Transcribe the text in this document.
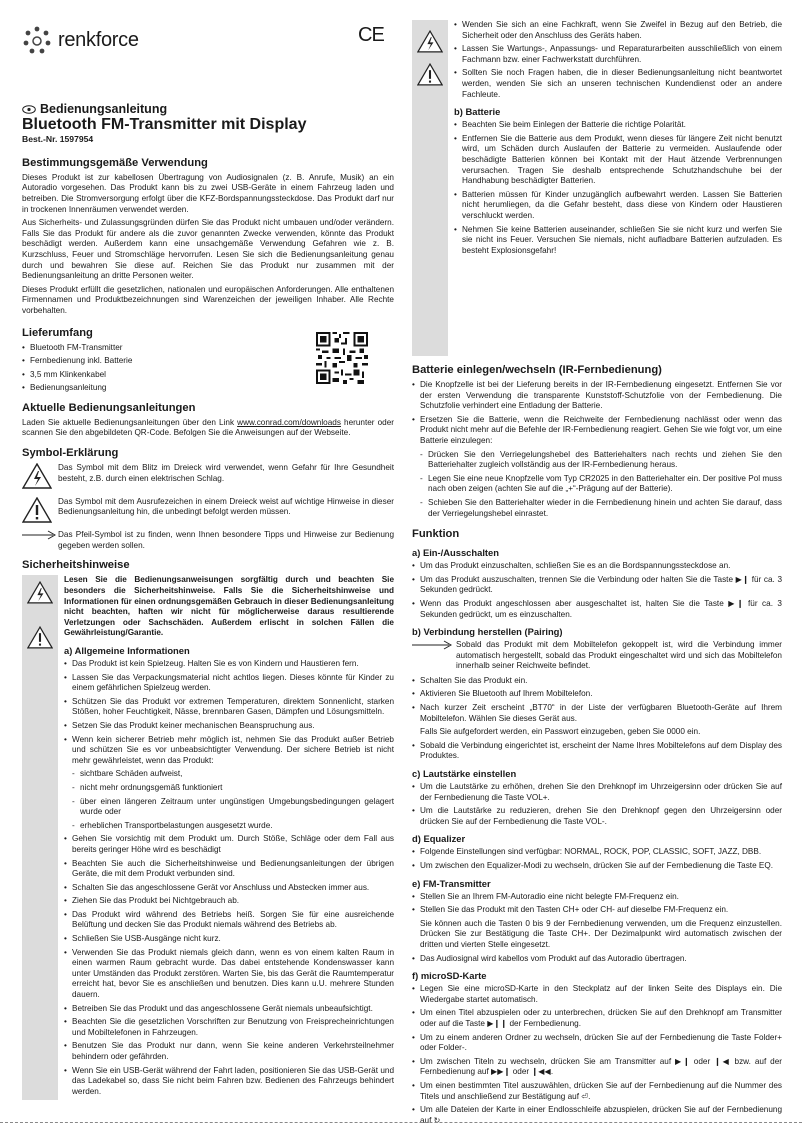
renkforce
Bedienungsanleitung
Bluetooth FM-Transmitter mit Display
Best.-Nr. 1597954
Bestimmungsgemäße Verwendung

Dieses Produkt ist zur kabellosen Übertragung von Audiosignalen (z. B. Anrufe, Musik) an ein Autoradio vorgesehen. Das Produkt kann bis zu zwei USB-Geräte in einem Fahrzeug laden und betreiben. Die Stromversorgung erfolgt über die KFZ-Bordspannungssteckdose. Das Produkt darf nur in trockenen Innenräumen verwendet werden.

Aus Sicherheits- und Zulassungsgründen dürfen Sie das Produkt nicht umbauen und/oder verändern. Falls Sie das Produkt für andere als die zuvor genannten Zwecke verwenden, könnte das Produkt beschädigt werden. Außerdem kann eine unsachgemäße Verwendung Gefahren wie z. B. Kurzschluss, Feuer und Stromschläge hervorrufen. Lesen Sie sich die Bedienungsanleitung genau durch und bewahren Sie diese auf. Reichen Sie das Produkt nur zusammen mit der Bedienungsanleitung an dritte Personen weiter.

Dieses Produkt erfüllt die gesetzlichen, nationalen und europäischen Anforderungen. Alle enthaltenen Firmennamen und Produktbezeichnungen sind Warenzeichen der jeweiligen Inhaber. Alle Rechte vorbehalten.

Lieferumfang
• Bluetooth FM-Transmitter
• Fernbedienung inkl. Batterie
• 3,5 mm Klinkenkabel
• Bedienungsanleitung
Aktuelle Bedienungsanleitungen

Laden Sie aktuelle Bedienungsanleitungen über den Link www.conrad.com/downloads herunter oder scannen Sie den abgebildeten QR-Code. Befolgen Sie die Anweisungen auf der Webseite.

Symbol-Erklärung
Das Symbol mit dem Blitz im Dreieck wird verwendet, wenn Gefahr für Ihre Gesundheit besteht, z.B. durch einen elektrischen Schlag.
Das Symbol mit dem Ausrufezeichen in einem Dreieck weist auf wichtige Hinweise in dieser Bedienungsanleitung hin, die unbedingt befolgt werden müssen.
Das Pfeil-Symbol ist zu finden, wenn Ihnen besondere Tipps und Hinweise zur Bedienung gegeben werden sollen.
Sicherheitshinweise

Lesen Sie die Bedienungsanweisungen sorgfältig durch und beachten Sie besonders die Sicherheitshinweise. Falls Sie die Sicherheitshinweise und Informationen für einen ordnungsgemäßen Gebrauch in dieser Bedienungsanleitung nicht beachten, haften wir nicht für möglicherweise daraus resultierende Verletzungen oder Sachschäden. Außerdem erlischt in solchen Fällen die Gewährleistung/Garantie.

a) Allgemeine Informationen
• Das Produkt ist kein Spielzeug. Halten Sie es von Kindern und Haustieren fern.
• Lassen Sie das Verpackungsmaterial nicht achtlos liegen. Dieses könnte für Kinder zu einem gefährlichen Spielzeug werden.
• Schützen Sie das Produkt vor extremen Temperaturen, direktem Sonnenlicht, starken Stößen, hoher Feuchtigkeit, Nässe, brennbaren Gasen, Dämpfen und Lösungsmitteln.
• Setzen Sie das Produkt keiner mechanischen Beanspruchung aus.
• Wenn kein sicherer Betrieb mehr möglich ist, nehmen Sie das Produkt außer Betrieb und schützen Sie es vor unbeabsichtigter Verwendung. Der sichere Betrieb ist nicht mehr gewährleistet, wenn das Produkt:
- sichtbare Schäden aufweist,
- nicht mehr ordnungsgemäß funktioniert
- über einen längeren Zeitraum unter ungünstigen Umgebungsbedingungen gelagert wurde oder
- erheblichen Transportbelastungen ausgesetzt wurde.
• Gehen Sie vorsichtig mit dem Produkt um. Durch Stöße, Schläge oder dem Fall aus bereits geringer Höhe wird es beschädigt
• Beachten Sie auch die Sicherheitshinweise und Bedienungsanleitungen der übrigen Geräte, die mit dem Produkt verbunden sind.
• Schalten Sie das angeschlossene Gerät vor Anschluss und Abstecken immer aus.
• Ziehen Sie das Produkt bei Nichtgebrauch ab.
• Das Produkt wird während des Betriebs heiß. Sorgen Sie für eine ausreichende Belüftung und decken Sie das Produkt niemals während des Betriebs ab.
• Schließen Sie USB-Ausgänge nicht kurz.
• Verwenden Sie das Produkt niemals gleich dann, wenn es von einem kalten Raum in einen warmen Raum gebracht wurde. Das dabei entstehende Kondenswasser kann unter Umständen das Produkt zerstören. Warten Sie, bis das Gerät die Raumtemperatur erreicht hat, bevor Sie es anschließen und benutzen. Dies kann u.U. mehrere Stunden dauern.
• Betreiben Sie das Produkt und das angeschlossene Gerät niemals unbeaufsichtigt.
• Beachten Sie die gesetzlichen Vorschriften zur Benutzung von Freisprecheinrichtungen und Mobiltelefonen in Fahrzeugen.
• Benutzen Sie das Produkt nur dann, wenn Sie keine anderen Verkehrsteilnehmer behindern oder gefährden.
• Wenn Sie ein USB-Gerät während der Fahrt laden, positionieren Sie das USB-Gerät und das Ladekabel so, dass Sie nicht beim Fahren bzw. Bedienen des Fahrzeugs behindert werden.
CE
•	Wenden Sie sich an eine Fachkraft, wenn Sie Zweifel in Bezug auf den Betrieb, die Sicherheit oder den Anschluss des Geräts haben.
• Lassen Sie Wartungs-, Anpassungs- und Reparaturarbeiten ausschließlich von einem Fachmann bzw. einer Fachwerkstatt durchführen.
• Sollten Sie noch Fragen haben, die in dieser Bedienungsanleitung nicht beantwortet werden, wenden Sie sich an unseren technischen Kundendienst oder an andere Fachleute.
b) Batterie
• Beachten Sie beim Einlegen der Batterie die richtige Polarität.
• Entfernen Sie die Batterie aus dem Produkt, wenn dieses für längere Zeit nicht benutzt wird, um Schäden durch Auslaufen der Batterie zu vermeiden. Auslaufende oder beschädigte Batterien können bei Kontakt mit der Haut ätzende Verbrennungen verursachen. Tragen Sie deshalb entsprechende Schutzhandschuhe bei der Handhabung beschädigter Batterien.
• Batterien müssen für Kinder unzugänglich aufbewahrt werden. Lassen Sie Batterien nicht herumliegen, da die Gefahr besteht, dass diese von Kindern oder Haustieren verschluckt werden.
• Nehmen Sie keine Batterien auseinander, schließen Sie sie nicht kurz und werfen Sie sie nicht ins Feuer. Versuchen Sie niemals, nicht aufladbare Batterien aufzuladen. Es besteht Explosionsgefahr!
Batterie einlegen/wechseln (IR-Fernbedienung)
• Die Knopfzelle ist bei der Lieferung bereits in der IR-Fernbedienung eingesetzt. Entfernen Sie vor der ersten Verwendung die transparente Kunststoff-Schutzfolie von der Fernbedienung. Die Schutzfolie verhindert eine Entladung der Batterie.
• Ersetzen Sie die Batterie, wenn die Reichweite der Fernbedienung nachlässt oder wenn das Produkt nicht mehr auf die Befehle der IR-Fernbedienung reagiert. Gehen Sie wie folgt vor, um eine Batterie einzulegen:
- Drücken Sie den Verriegelungshebel des Batteriehalters nach rechts und ziehen Sie den Batteriehalter zugleich vollständig aus der IR-Fernbedienung heraus.
- Legen Sie eine neue Knopfzelle vom Typ CR2025 in den Batteriehalter ein. Der positive Pol muss nach oben zeigen (achten Sie auf die „+“-Prägung auf der Batterie).
- Schieben Sie den Batteriehalter wieder in die Fernbedienung hinein und achten Sie darauf, dass der Verriegelungshebel einrastet.
Funktion
a) Ein-/Ausschalten
• Um das Produkt einzuschalten, schließen Sie es an die Bordspannungssteckdose an.
• Um das Produkt auszuschalten, trennen Sie die Verbindung oder halten Sie die Taste ▶❙ für ca. 3 Sekunden gedrückt.
• Wenn das Produkt angeschlossen aber ausgeschaltet ist, halten Sie die Taste ▶❙ für ca. 3 Sekunden gedrückt, um es einzuschalten.
b) Verbindung herstellen (Pairing)
Sobald das Produkt mit dem Mobiltelefon gekoppelt ist, wird die Verbindung immer automatisch hergestellt, sobald das Produkt eingeschaltet wird und sich das Mobiltelefon innerhalb seiner Reichweite befindet.
• Schalten Sie das Produkt ein.
• Aktivieren Sie Bluetooth auf Ihrem Mobiltelefon.
• Nach kurzer Zeit erscheint „BT70“ in der Liste der verfügbaren Bluetooth-Geräte auf Ihrem Mobiltelefon. Wählen Sie dieses Gerät aus.

Falls Sie aufgefordert werden, ein Passwort einzugeben, geben Sie 0000 ein.

• Sobald die Verbindung eingerichtet ist, erscheint der Name Ihres Mobiltelefons auf dem Display des Produktes.
c) Lautstärke einstellen
• Um die Lautstärke zu erhöhen, drehen Sie den Drehknopf im Uhrzeigersinn oder drücken Sie auf der Fernbedienung die Taste VOL+.
• Um die Lautstärke zu reduzieren, drehen Sie den Drehknopf gegen den Uhrzeigersinn oder drücken Sie auf der Fernbedienung die Taste VOL-.
d) Equalizer
• Folgende Einstellungen sind verfügbar: NORMAL, ROCK, POP, CLASSIC, SOFT, JAZZ, DBB.
• Um zwischen den Equalizer-Modi zu wechseln, drücken Sie auf der Fernbedienung die Taste EQ.
e) FM-Transmitter
• Stellen Sie an Ihrem FM-Autoradio eine nicht belegte FM-Frequenz ein.
• Stellen Sie das Produkt mit den Tasten CH+ oder CH- auf dieselbe FM-Frequenz ein.

Sie können auch die Tasten 0 bis 9 der Fernbedienung verwenden, um die Frequenz einzustellen. Drücken Sie zur Bestätigung die Taste CH+. Der Dezimalpunkt wird automatisch zwischen der dritten und vierten Stelle eingesetzt.

• Das Audiosignal wird kabellos vom Produkt auf das Autoradio übertragen.
f) microSD-Karte
• Legen Sie eine microSD-Karte in den Steckplatz auf der linken Seite des Displays ein. Die Wiedergabe startet automatisch.
• Um einen Titel abzuspielen oder zu unterbrechen, drücken Sie auf den Drehknopf am Transmitter oder auf die Taste ▶❙❙ der Fernbedienung.
• Um zu einem anderen Ordner zu wechseln, drücken Sie auf der Fernbedienung die Taste Folder+ oder Folder-.
• Um zwischen Titeln zu wechseln, drücken Sie am Transmitter auf ▶❙ oder ❙◀ bzw. auf der Fernbedienung auf ▶▶❙ oder ❙◀◀.
• Um einen bestimmten Titel auszuwählen, drücken Sie auf der Fernbedienung auf die Nummer des Titels und anschließend zur Bestätigung auf ⏎.
• Um alle Dateien der Karte in einer Endlosschleife abzuspielen, drücken Sie auf der Fernbedienung auf ↻.
